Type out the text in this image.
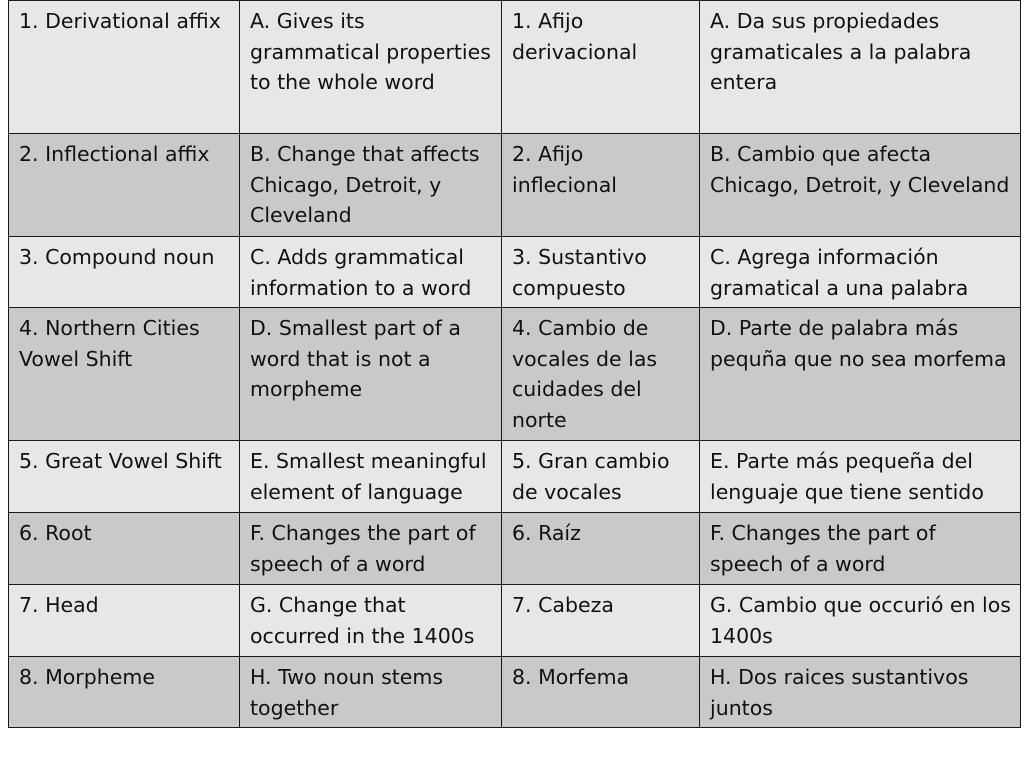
1. Derivational affix	A. Gives its grammatical properties to the whole word	1. Afijo derivacional	A. Da sus propiedades gramaticales a la palabra entera
2. Inflectional affix	B. Change that affects Chicago, Detroit, y Cleveland	2. Afijo inflecional	B. Cambio que afecta Chicago, Detroit, y Cleveland
3. Compound noun	C. Adds grammatical information to a word	3. Sustantivo compuesto	C. Agrega información gramatical a una palabra
4. Northern Cities Vowel Shift	D. Smallest part of a word that is not a morpheme	4. Cambio de vocales de las cuidades del norte	D. Parte de palabra más pequña que no sea morfema
5. Great Vowel Shift	E. Smallest meaningful element of language	5. Gran cambio de vocales	E. Parte más pequeña del lenguaje que tiene sentido
6. Root	F. Changes the part of speech of a word	6. Raíz	F. Changes the part of speech of a word
7. Head	G. Change that occurred in the 1400s	7. Cabeza	G. Cambio que occurió en los 1400s
8. Morpheme	H. Two noun stems together	8. Morfema	H. Dos raices sustantivos juntos
